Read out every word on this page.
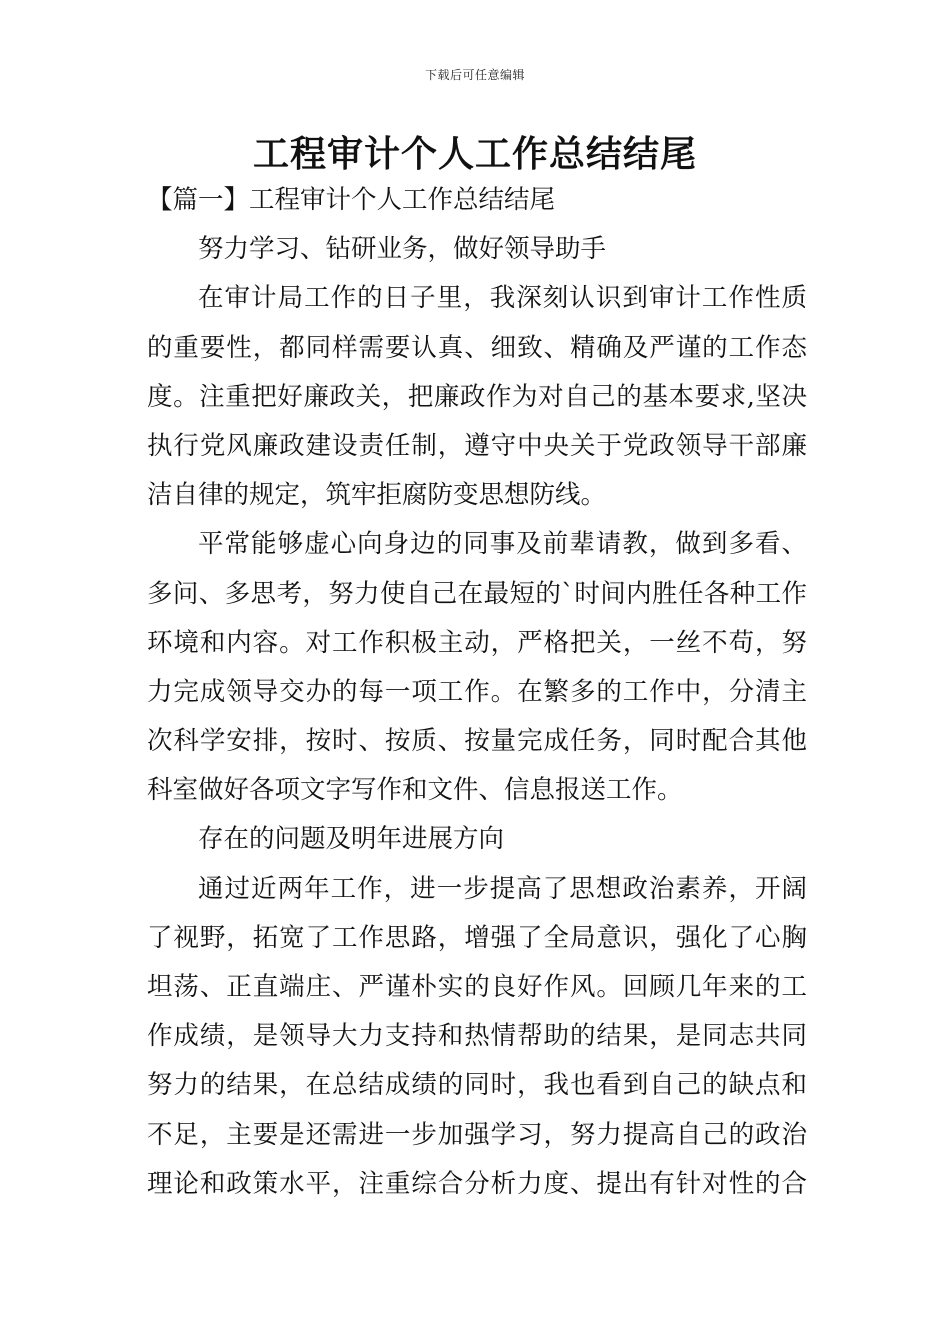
下载后可任意编辑
工程审计个人工作总结结尾
【篇一】工程审计个人工作总结结尾
努力学习、钻研业务，做好领导助手
在审计局工作的日子里，我深刻认识到审计工作性质
的重要性，都同样需要认真、细致、精确及严谨的工作态
度。注重把好廉政关，把廉政作为对自己的基本要求,坚决
执行党风廉政建设责任制，遵守中央关于党政领导干部廉
洁自律的规定，筑牢拒腐防变思想防线。
平常能够虚心向身边的同事及前辈请教，做到多看、
多问、多思考，努力使自己在最短的`时间内胜任各种工作
环境和内容。对工作积极主动，严格把关，一丝不苟，努
力完成领导交办的每一项工作。在繁多的工作中，分清主
次科学安排，按时、按质、按量完成任务，同时配合其他
科室做好各项文字写作和文件、信息报送工作。
存在的问题及明年进展方向
通过近两年工作，进一步提高了思想政治素养，开阔
了视野，拓宽了工作思路，增强了全局意识，强化了心胸
坦荡、正直端庄、严谨朴实的良好作风。回顾几年来的工
作成绩，是领导大力支持和热情帮助的结果，是同志共同
努力的结果，在总结成绩的同时，我也看到自己的缺点和
不足，主要是还需进一步加强学习，努力提高自己的政治
理论和政策水平，注重综合分析力度、提出有针对性的合
